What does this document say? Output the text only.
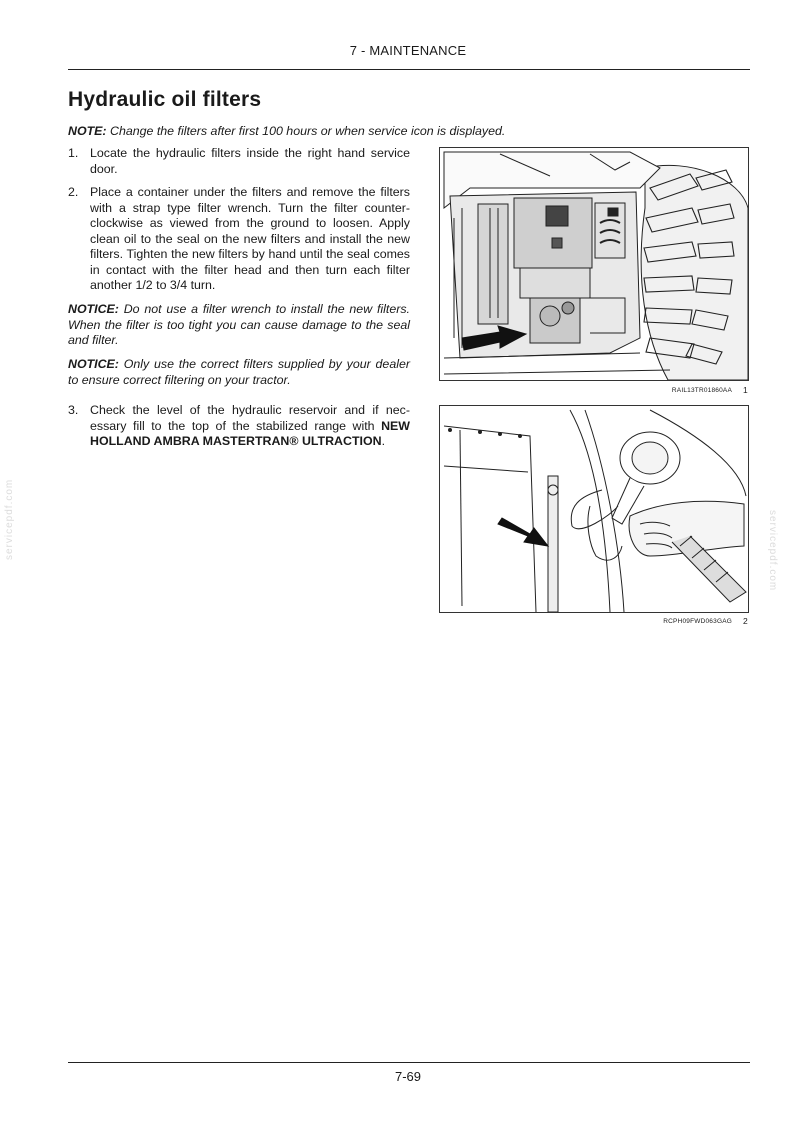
7 - MAINTENANCE
Hydraulic oil filters
NOTE: Change the filters after first 100 hours or when service icon is displayed.
1. Locate the hydraulic filters inside the right hand service door.
2. Place a container under the filters and remove the filters with a strap type filter wrench. Turn the filter counter-clockwise as viewed from the ground to loosen. Apply clean oil to the seal on the new filters and install the new filters. Tighten the new filters by hand until the seal comes in contact with the filter head and then turn each filter another 1/2 to 3/4 turn.

NOTICE: Do not use a filter wrench to install the new filters. When the filter is too tight you can cause damage to the seal and filter.

NOTICE: Only use the correct filters supplied by your dealer to ensure correct filtering on your tractor.

3. Check the level of the hydraulic reservoir and if nec-essary fill to the top of the stabilized range with NEW HOLLAND AMBRA MASTERTRAN® ULTRACTION.
RAIL13TR01860AA 1
RCPH09FWD063GAG 2
servicepdf.com	servicepdf.com
7-69
